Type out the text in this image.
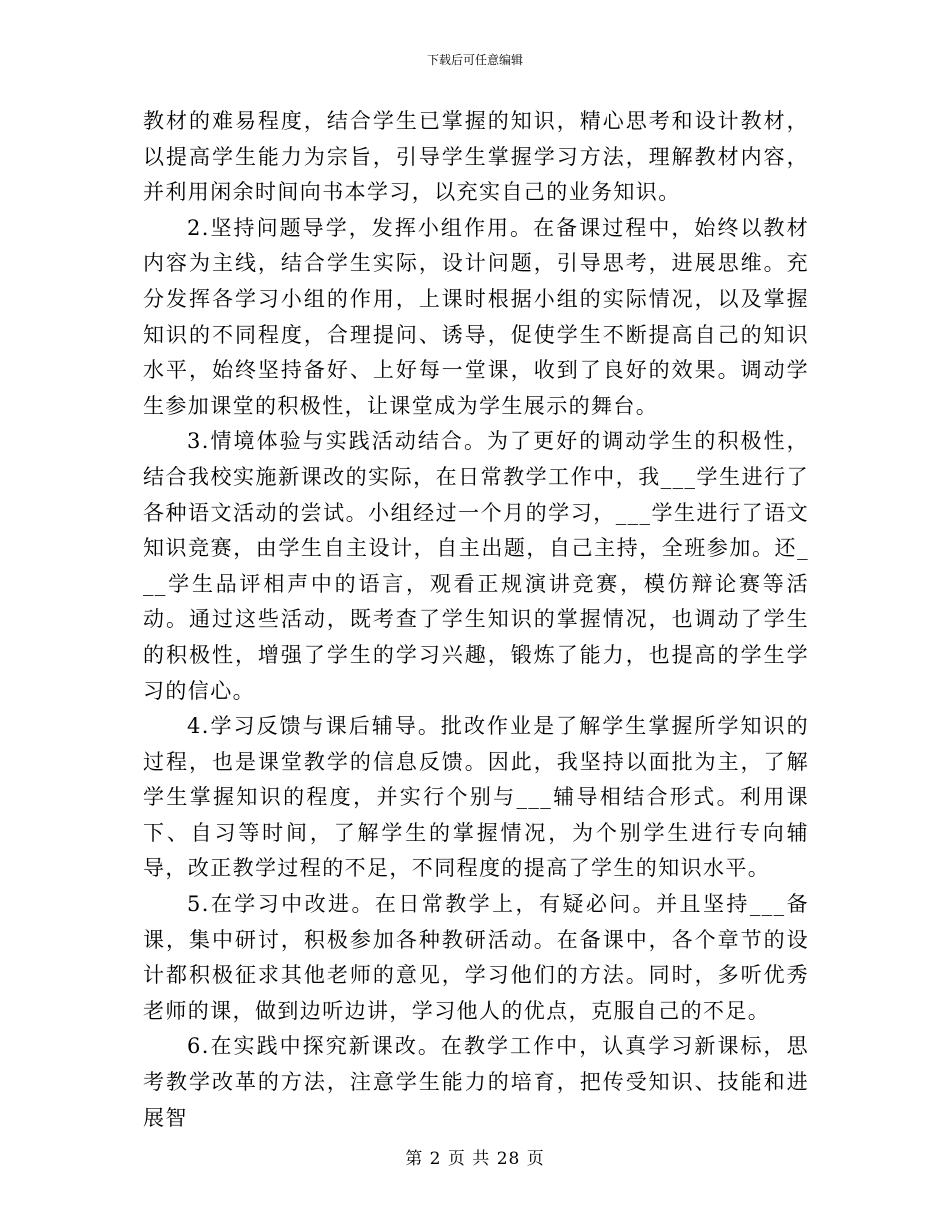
下载后可任意编辑

教材的难易程度，结合学生已掌握的知识，精心思考和设计教材，以提高学生能力为宗旨，引导学生掌握学习方法，理解教材内容，并利用闲余时间向书本学习，以充实自己的业务知识。

2.坚持问题导学，发挥小组作用。在备课过程中，始终以教材内容为主线，结合学生实际，设计问题，引导思考，进展思维。充分发挥各学习小组的作用，上课时根据小组的实际情况，以及掌握知识的不同程度，合理提问、诱导，促使学生不断提高自己的知识水平，始终坚持备好、上好每一堂课，收到了良好的效果。调动学生参加课堂的积极性，让课堂成为学生展示的舞台。

3.情境体验与实践活动结合。为了更好的调动学生的积极性，结合我校实施新课改的实际，在日常教学工作中，我___学生进行了各种语文活动的尝试。小组经过一个月的学习，___学生进行了语文知识竞赛，由学生自主设计，自主出题，自己主持，全班参加。还___学生品评相声中的语言，观看正规演讲竞赛，模仿辩论赛等活动。通过这些活动，既考查了学生知识的掌握情况，也调动了学生的积极性，增强了学生的学习兴趣，锻炼了能力，也提高的学生学习的信心。

4.学习反馈与课后辅导。批改作业是了解学生掌握所学知识的过程，也是课堂教学的信息反馈。因此，我坚持以面批为主，了解学生掌握知识的程度，并实行个别与___辅导相结合形式。利用课下、自习等时间，了解学生的掌握情况，为个别学生进行专向辅导，改正教学过程的不足，不同程度的提高了学生的知识水平。

5.在学习中改进。在日常教学上，有疑必问。并且坚持___备课，集中研讨，积极参加各种教研活动。在备课中，各个章节的设计都积极征求其他老师的意见，学习他们的方法。同时，多听优秀老师的课，做到边听边讲，学习他人的优点，克服自己的不足。

6.在实践中探究新课改。在教学工作中，认真学习新课标，思考教学改革的方法，注意学生能力的培育，把传受知识、技能和进展智

第 2 页 共 28 页
